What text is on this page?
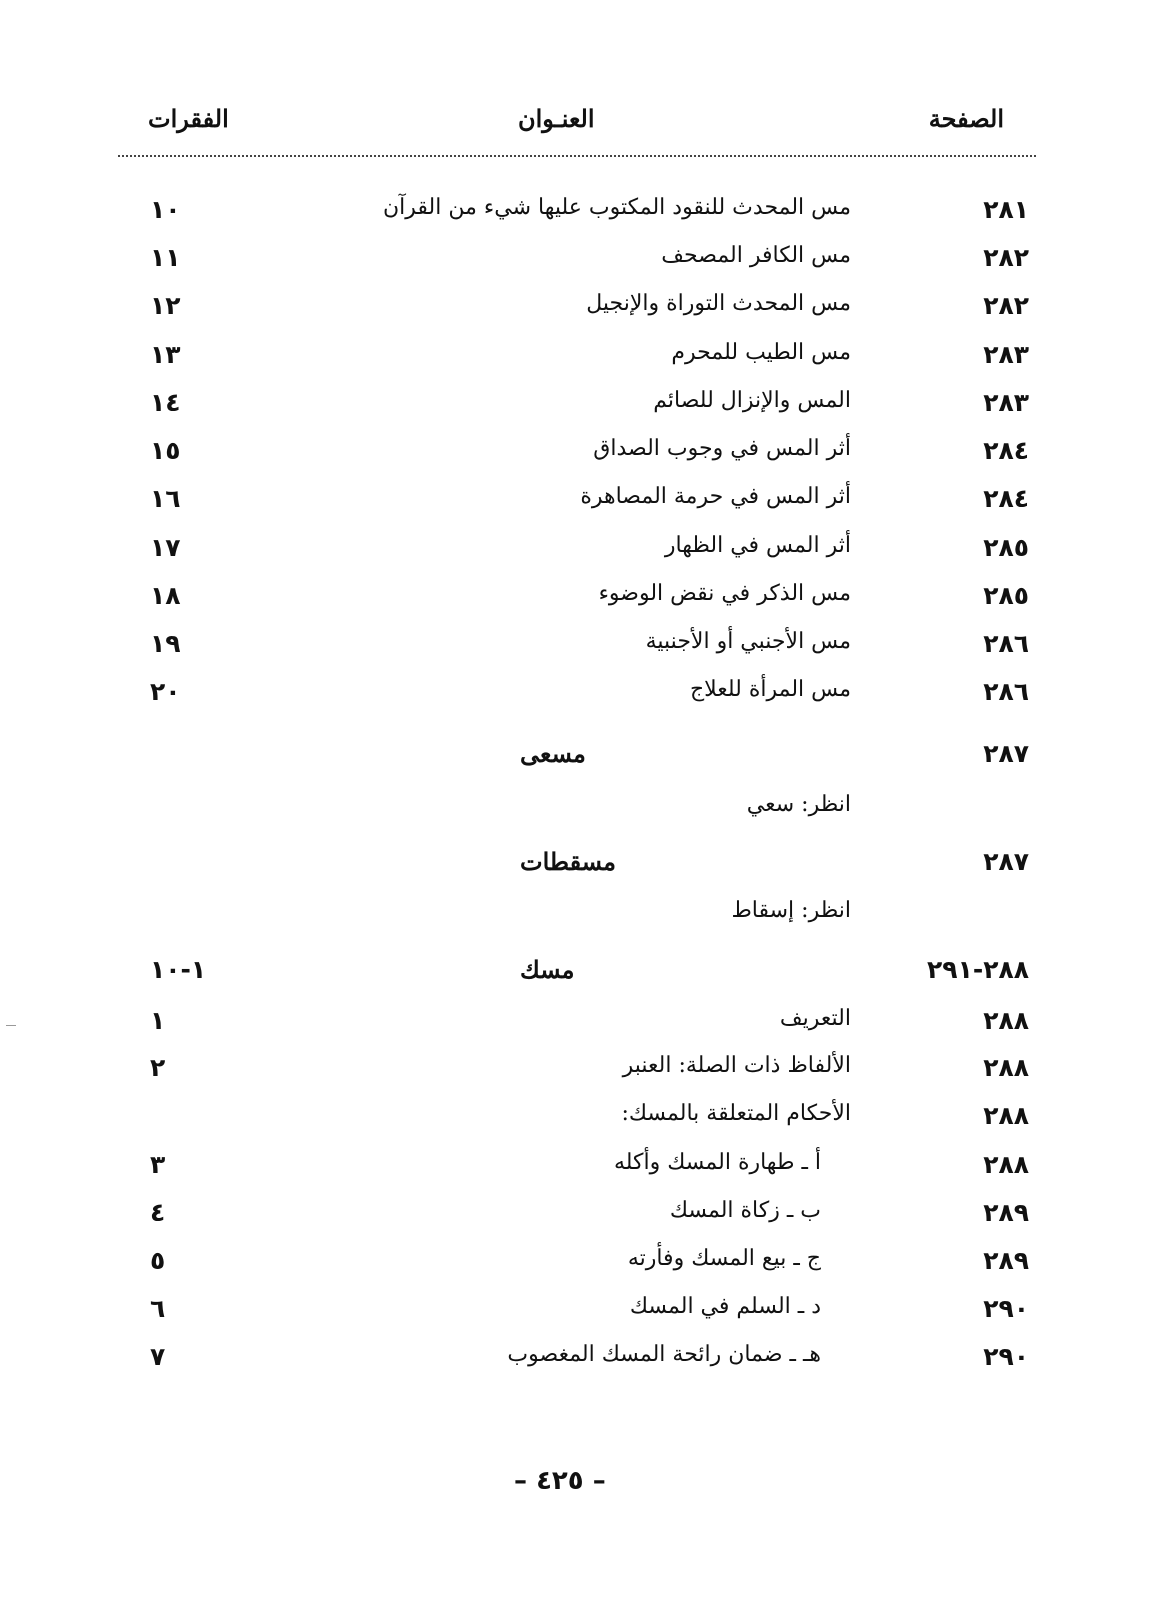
الصفحة
العنـوان
الفقرات
٢٨١
مس المحدث للنقود المكتوب عليها شيء من القرآن
١٠
٢٨٢
مس الكافر المصحف
١١
٢٨٢
مس المحدث التوراة والإنجيل
١٢
٢٨٣
مس الطيب للمحرم
١٣
٢٨٣
المس والإنزال للصائم
١٤
٢٨٤
أثر المس في وجوب الصداق
١٥
٢٨٤
أثر المس في حرمة المصاهرة
١٦
٢٨٥
أثر المس في الظهار
١٧
٢٨٥
مس الذكر في نقض الوضوء
١٨
٢٨٦
مس الأجنبي أو الأجنبية
١٩
٢٨٦
مس المرأة للعلاج
٢٠
٢٨٧
مسعى
انظر: سعي
٢٨٧
مسقطات
انظر: إسقاط
٢٨٨-٢٩١
مسك
١-١٠
٢٨٨
التعريف
١
٢٨٨
الألفاظ ذات الصلة: العنبر
٢
٢٨٨
الأحكام المتعلقة بالمسك:
٢٨٨
أ ـ طهارة المسك وأكله
٣
٢٨٩
ب ـ زكاة المسك
٤
٢٨٩
ج ـ بيع المسك وفأرته
٥
٢٩٠
د ـ السلم في المسك
٦
٢٩٠
هـ ـ ضمان رائحة المسك المغصوب
٧
– ٤٢٥ –
